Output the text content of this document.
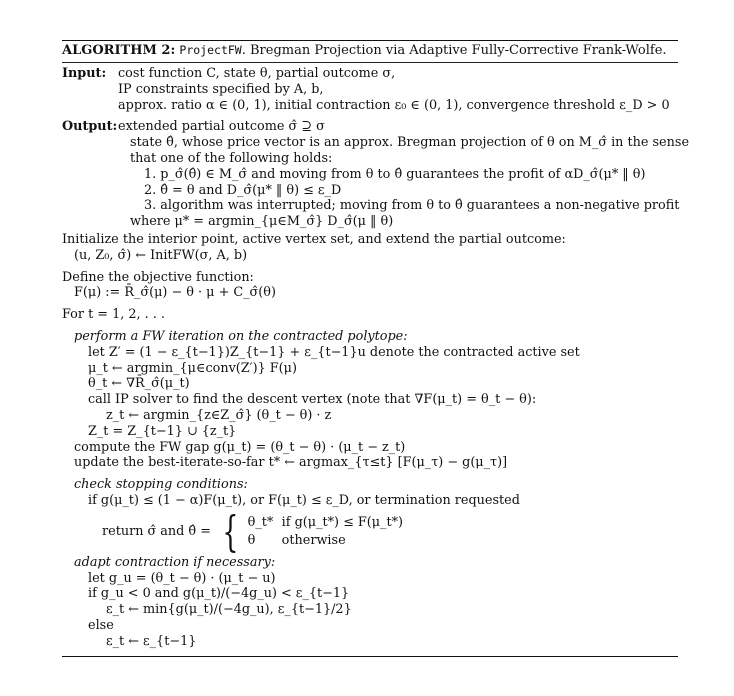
ALGORITHM 2: ProjectFW. Bregman Projection via Adaptive Fully-Corrective Frank-Wolfe.
Input: cost function C, state θ, partial outcome σ,
IP constraints specified by A, b,
approx. ratio α ∈ (0, 1), initial contraction ε₀ ∈ (0, 1), convergence threshold ε_D > 0
Output:extended partial outcome σ̂ ⊇ σ
state θ̂, whose price vector is an approx. Bregman projection of θ on M_σ̂ in the sense
that one of the following holds:
1. p_σ̂(θ̂) ∈ M_σ̂ and moving from θ to θ̂ guarantees the profit of αD_σ̂(μ* ‖ θ)
2. θ̂ = θ and D_σ̂(μ* ‖ θ) ≤ ε_D
3. algorithm was interrupted; moving from θ to θ̂ guarantees a non-negative profit
where μ* = argmin_{μ∈M_σ̂} D_σ̂(μ ‖ θ)
Initialize the interior point, active vertex set, and extend the partial outcome:
(u, Z₀, σ̂) ← InitFW(σ, A, b)
Define the objective function:
F(μ) := R̄_σ̂(μ) − θ · μ + C_σ̂(θ)
For t = 1, 2, . . .
perform a FW iteration on the contracted polytope:
let Z′ = (1 − ε_{t−1})Z_{t−1} + ε_{t−1}u denote the contracted active set
μ_t ← argmin_{μ∈conv(Z′)} F(μ)
θ_t ← ∇R̄_σ̂(μ_t)
call IP solver to find the descent vertex (note that ∇F(μ_t) = θ_t − θ):
z_t ← argmin_{z∈Z_σ̂} (θ_t − θ) · z
Z_t = Z_{t−1} ∪ {z_t}
compute the FW gap g(μ_t) = (θ_t − θ) · (μ_t − z_t)
update the best-iterate-so-far t* ← argmax_{τ≤t} [F(μ_τ) − g(μ_τ)]
check stopping conditions:
if g(μ_t) ≤ (1 − α)F(μ_t), or F(μ_t) ≤ ε_D, or termination requested
return σ̂ and θ̂ = { θ_t* if g(μ_t*) ≤ F(μ_t*)
θ otherwise
adapt contraction if necessary:
let g_u = (θ_t − θ) · (μ_t − u)
if g_u < 0 and g(μ_t)/(−4g_u) < ε_{t−1}
ε_t ← min{g(μ_t)/(−4g_u), ε_{t−1}/2}
else
ε_t ← ε_{t−1}
